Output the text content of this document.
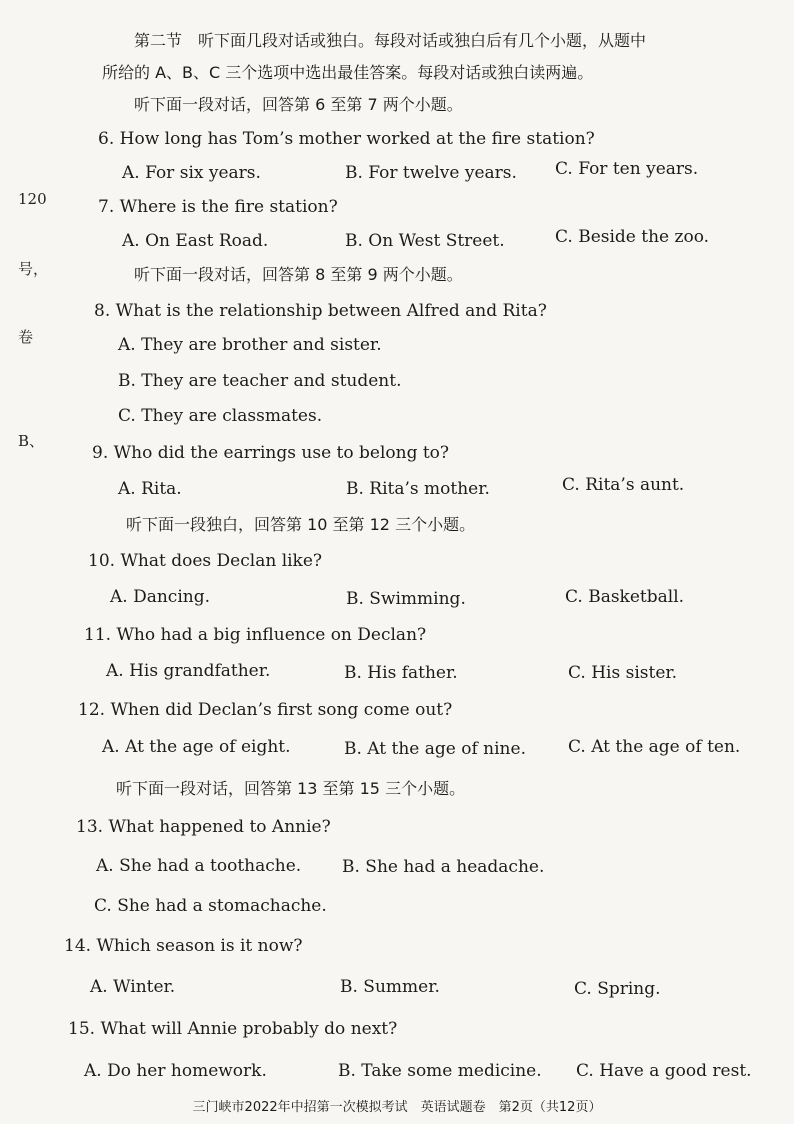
120
号，
卷
B、
第二节　听下面几段对话或独白。每段对话或独白后有几个小题，从题中
所给的 A、B、C 三个选项中选出最佳答案。每段对话或独白读两遍。
听下面一段对话，回答第 6 至第 7 两个小题。
6. How long has Tom’s mother worked at the fire station?
A. For six years.	B. For twelve years. C. For ten years.
7. Where is the fire station?
A. On East Road.	B. On West Street.	C. Beside the zoo.
听下面一段对话，回答第 8 至第 9 两个小题。
8. What is the relationship between Alfred and Rita?
A. They are brother and sister.
B. They are teacher and student.
C. They are classmates.
9. Who did the earrings use to belong to?
A. Rita.	B. Rita’s mother.	C. Rita’s aunt.
听下面一段独白，回答第 10 至第 12 三个小题。
10. What does Declan like?
A. Dancing.	B. Swimming.	C. Basketball.
11. Who had a big influence on Declan?
A. His grandfather.	B. His father.	C. His sister.
12. When did Declan’s first song come out?
A. At the age of eight.	B. At the age of nine. C. At the age of ten.
听下面一段对话，回答第 13 至第 15 三个小题。
13. What happened to Annie?
A. She had a toothache. B. She had a headache.
C. She had a stomachache.
14. Which season is it now?
A. Winter.	B. Summer.	C. Spring.
15. What will Annie probably do next?
A. Do her homework.	B. Take some medicine. C. Have a good rest.
三门峡市2022年中招第一次模拟考试　英语试题卷　第2页（共12页）
